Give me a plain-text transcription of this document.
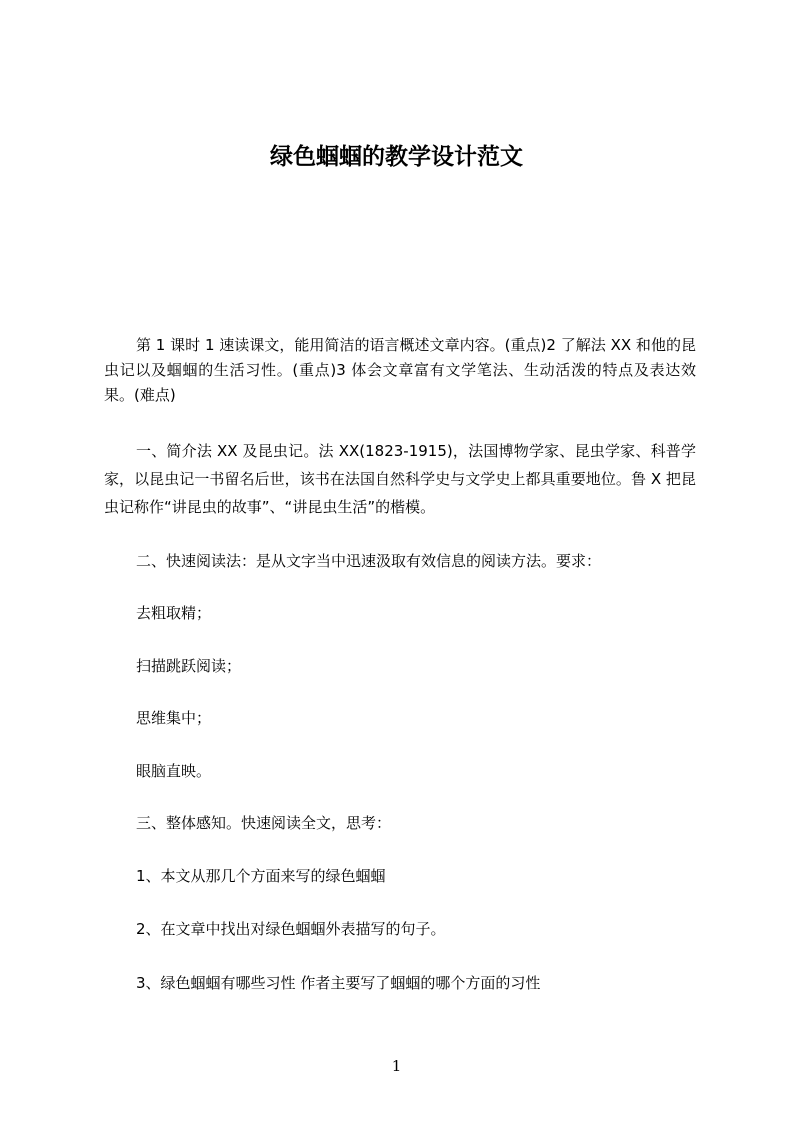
绿色蝈蝈的教学设计范文

第 1 课时 1 速读课文，能用简洁的语言概述文章内容。(重点)2 了解法 XX 和他的昆虫记以及蝈蝈的生活习性。(重点)3 体会文章富有文学笔法、生动活泼的特点及表达效果。(难点)

一、简介法 XX 及昆虫记。法 XX(1823-1915)，法国博物学家、昆虫学家、科普学家，以昆虫记一书留名后世，该书在法国自然科学史与文学史上都具重要地位。鲁 X 把昆虫记称作“讲昆虫的故事”、“讲昆虫生活”的楷模。

二、快速阅读法：是从文字当中迅速汲取有效信息的阅读方法。要求：

去粗取精；

扫描跳跃阅读；

思维集中；

眼脑直映。

三、整体感知。快速阅读全文，思考：

1、本文从那几个方面来写的绿色蝈蝈

2、在文章中找出对绿色蝈蝈外表描写的句子。

3、绿色蝈蝈有哪些习性 作者主要写了蝈蝈的哪个方面的习性

1
